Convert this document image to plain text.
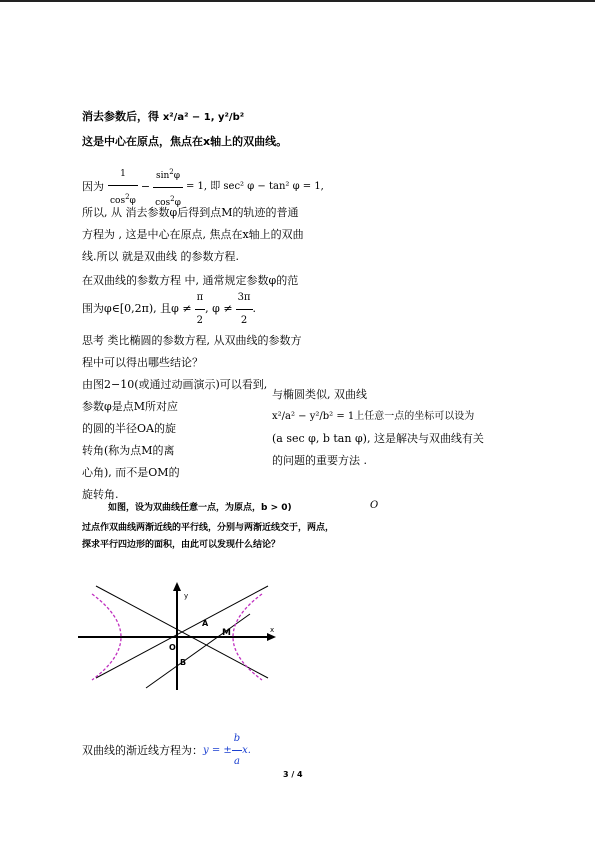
消去参数后，得 x²/a² − 1, y²/b²
这是中心在原点，焦点在x轴上的双曲线。
因为 $\frac{1}{\cos^2\varphi} - \frac{\sin^2\varphi}{\cos^2\varphi} = 1$, 即 sec² φ − tan² φ = 1,
所以, 从 消去参数φ后得到点M的轨迹的普通
方程为 , 这是中心在原点, 焦点在x轴上的双曲
线.所以 就是双曲线 的参数方程.
在双曲线的参数方程 中, 通常规定参数φ的范
围为φ∈[0,2π), 且$\varphi \ne \frac{\pi}{2}$ , $\varphi \ne \frac{3\pi}{2}$ .
思考 类比椭圆的参数方程, 从双曲线的参数方
程中可以得出哪些结论？
由图2−10(或通过动画演示)可以看到,
参数φ是点M所对应
的圆的半径OA的旋
转角(称为点M的离
心角), 而不是OM的
旋转角.
与椭圆类似, 双曲线
x²/a² − y²/b² = 1上任意一点的坐标可以设为
(a sec φ, b tan φ), 这是解决与双曲线有关
的问题的重要方法 .
如图，设为双曲线任意一点，为原点，b > 0)	O
过点作双曲线两渐近线的平行线，分别与两渐近线交于，两点，
探求平行四边形的面积，由此可以发现什么结论？
y
x
O
A
B
M
双曲线的渐近线方程为： y = ± $\frac{b}{a} x$.
3 / 4
